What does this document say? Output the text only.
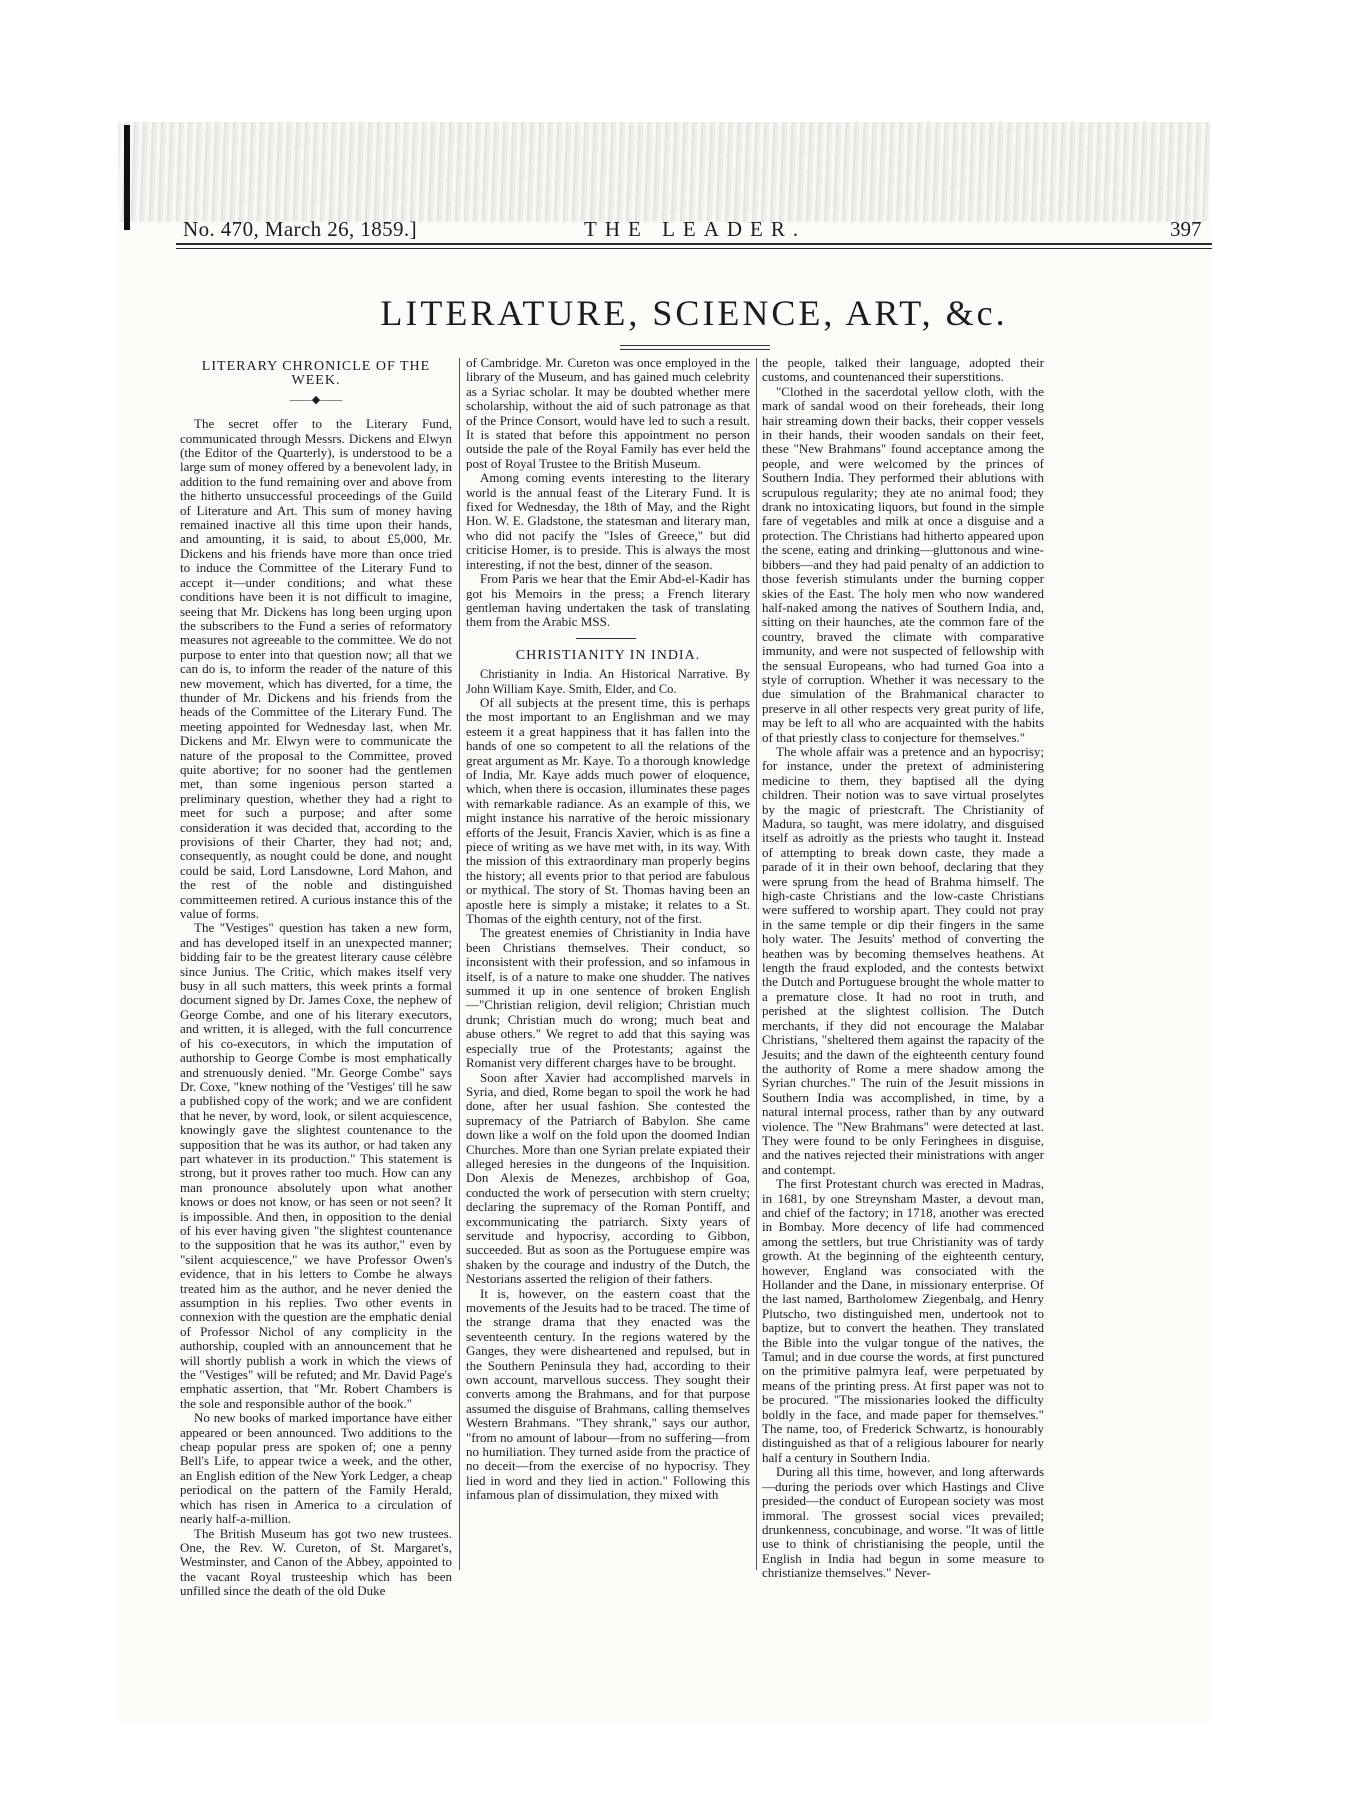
No. 470, March 26, 1859.]	THE LEADER.	397
LITERATURE, SCIENCE, ART, &c.
LITERARY CHRONICLE OF THE WEEK.
——◆——

The secret offer to the Literary Fund, communicated through Messrs. Dickens and Elwyn (the Editor of the Quarterly), is understood to be a large sum of money offered by a benevolent lady, in addition to the fund remaining over and above from the hitherto unsuccessful proceedings of the Guild of Literature and Art. This sum of money having remained inactive all this time upon their hands, and amounting, it is said, to about £5,000, Mr. Dickens and his friends have more than once tried to induce the Committee of the Literary Fund to accept it—under conditions; and what these conditions have been it is not difficult to imagine, seeing that Mr. Dickens has long been urging upon the subscribers to the Fund a series of reformatory measures not agreeable to the committee. We do not purpose to enter into that question now; all that we can do is, to inform the reader of the nature of this new movement, which has diverted, for a time, the thunder of Mr. Dickens and his friends from the heads of the Committee of the Literary Fund. The meeting appointed for Wednesday last, when Mr. Dickens and Mr. Elwyn were to communicate the nature of the proposal to the Committee, proved quite abortive; for no sooner had the gentlemen met, than some ingenious person started a preliminary question, whether they had a right to meet for such a purpose; and after some consideration it was decided that, according to the provisions of their Charter, they had not; and, consequently, as nought could be done, and nought could be said, Lord Lansdowne, Lord Mahon, and the rest of the noble and distinguished committeemen retired. A curious instance this of the value of forms.

The "Vestiges" question has taken a new form, and has developed itself in an unexpected manner; bidding fair to be the greatest literary cause célèbre since Junius. The Critic, which makes itself very busy in all such matters, this week prints a formal document signed by Dr. James Coxe, the nephew of George Combe, and one of his literary executors, and written, it is alleged, with the full concurrence of his co-executors, in which the imputation of authorship to George Combe is most emphatically and strenuously denied. "Mr. George Combe" says Dr. Coxe, "knew nothing of the 'Vestiges' till he saw a published copy of the work; and we are confident that he never, by word, look, or silent acquiescence, knowingly gave the slightest countenance to the supposition that he was its author, or had taken any part whatever in its production." This statement is strong, but it proves rather too much. How can any man pronounce absolutely upon what another knows or does not know, or has seen or not seen? It is impossible. And then, in opposition to the denial of his ever having given "the slightest countenance to the supposition that he was its author," even by "silent acquiescence," we have Professor Owen's evidence, that in his letters to Combe he always treated him as the author, and he never denied the assumption in his replies. Two other events in connexion with the question are the emphatic denial of Professor Nichol of any complicity in the authorship, coupled with an announcement that he will shortly publish a work in which the views of the "Vestiges" will be refuted; and Mr. David Page's emphatic assertion, that "Mr. Robert Chambers is the sole and responsible author of the book."

No new books of marked importance have either appeared or been announced. Two additions to the cheap popular press are spoken of; one a penny Bell's Life, to appear twice a week, and the other, an English edition of the New York Ledger, a cheap periodical on the pattern of the Family Herald, which has risen in America to a circulation of nearly half-a-million.

The British Museum has got two new trustees. One, the Rev. W. Cureton, of St. Margaret's, Westminster, and Canon of the Abbey, appointed to the vacant Royal trusteeship which has been unfilled since the death of the old Duke

of Cambridge. Mr. Cureton was once employed in the library of the Museum, and has gained much celebrity as a Syriac scholar. It may be doubted whether mere scholarship, without the aid of such patronage as that of the Prince Consort, would have led to such a result. It is stated that before this appointment no person outside the pale of the Royal Family has ever held the post of Royal Trustee to the British Museum.

Among coming events interesting to the literary world is the annual feast of the Literary Fund. It is fixed for Wednesday, the 18th of May, and the Right Hon. W. E. Gladstone, the statesman and literary man, who did not pacify the "Isles of Greece," but did criticise Homer, is to preside. This is always the most interesting, if not the best, dinner of the season.

From Paris we hear that the Emir Abd-el-Kadir has got his Memoirs in the press; a French literary gentleman having undertaken the task of translating them from the Arabic MSS.

CHRISTIANITY IN INDIA.

Christianity in India. An Historical Narrative. By John William Kaye. Smith, Elder, and Co.

Of all subjects at the present time, this is perhaps the most important to an Englishman and we may esteem it a great happiness that it has fallen into the hands of one so competent to all the relations of the great argument as Mr. Kaye. To a thorough knowledge of India, Mr. Kaye adds much power of eloquence, which, when there is occasion, illuminates these pages with remarkable radiance. As an example of this, we might instance his narrative of the heroic missionary efforts of the Jesuit, Francis Xavier, which is as fine a piece of writing as we have met with, in its way. With the mission of this extraordinary man properly begins the history; all events prior to that period are fabulous or mythical. The story of St. Thomas having been an apostle here is simply a mistake; it relates to a St. Thomas of the eighth century, not of the first.

The greatest enemies of Christianity in India have been Christians themselves. Their conduct, so inconsistent with their profession, and so infamous in itself, is of a nature to make one shudder. The natives summed it up in one sentence of broken English—"Christian religion, devil religion; Christian much drunk; Christian much do wrong; much beat and abuse others." We regret to add that this saying was especially true of the Protestants; against the Romanist very different charges have to be brought.

Soon after Xavier had accomplished marvels in Syria, and died, Rome began to spoil the work he had done, after her usual fashion. She contested the supremacy of the Patriarch of Babylon. She came down like a wolf on the fold upon the doomed Indian Churches. More than one Syrian prelate expiated their alleged heresies in the dungeons of the Inquisition. Don Alexis de Menezes, archbishop of Goa, conducted the work of persecution with stern cruelty; declaring the supremacy of the Roman Pontiff, and excommunicating the patriarch. Sixty years of servitude and hypocrisy, according to Gibbon, succeeded. But as soon as the Portuguese empire was shaken by the courage and industry of the Dutch, the Nestorians asserted the religion of their fathers.

It is, however, on the eastern coast that the movements of the Jesuits had to be traced. The time of the strange drama that they enacted was the seventeenth century. In the regions watered by the Ganges, they were disheartened and repulsed, but in the Southern Peninsula they had, according to their own account, marvellous success. They sought their converts among the Brahmans, and for that purpose assumed the disguise of Brahmans, calling themselves Western Brahmans. "They shrank," says our author, "from no amount of labour—from no suffering—from no humiliation. They turned aside from the practice of no deceit—from the exercise of no hypocrisy. They lied in word and they lied in action." Following this infamous plan of dissimulation, they mixed with

the people, talked their language, adopted their customs, and countenanced their superstitions.

"Clothed in the sacerdotal yellow cloth, with the mark of sandal wood on their foreheads, their long hair streaming down their backs, their copper vessels in their hands, their wooden sandals on their feet, these "New Brahmans" found acceptance among the people, and were welcomed by the princes of Southern India. They performed their ablutions with scrupulous regularity; they ate no animal food; they drank no intoxicating liquors, but found in the simple fare of vegetables and milk at once a disguise and a protection. The Christians had hitherto appeared upon the scene, eating and drinking—gluttonous and wine-bibbers—and they had paid penalty of an addiction to those feverish stimulants under the burning copper skies of the East. The holy men who now wandered half-naked among the natives of Southern India, and, sitting on their haunches, ate the common fare of the country, braved the climate with comparative immunity, and were not suspected of fellowship with the sensual Europeans, who had turned Goa into a style of corruption. Whether it was necessary to the due simulation of the Brahmanical character to preserve in all other respects very great purity of life, may be left to all who are acquainted with the habits of that priestly class to conjecture for themselves."

The whole affair was a pretence and an hypocrisy; for instance, under the pretext of administering medicine to them, they baptised all the dying children. Their notion was to save virtual proselytes by the magic of priestcraft. The Christianity of Madura, so taught, was mere idolatry, and disguised itself as adroitly as the priests who taught it. Instead of attempting to break down caste, they made a parade of it in their own behoof, declaring that they were sprung from the head of Brahma himself. The high-caste Christians and the low-caste Christians were suffered to worship apart. They could not pray in the same temple or dip their fingers in the same holy water. The Jesuits' method of converting the heathen was by becoming themselves heathens. At length the fraud exploded, and the contests betwixt the Dutch and Portuguese brought the whole matter to a premature close. It had no root in truth, and perished at the slightest collision. The Dutch merchants, if they did not encourage the Malabar Christians, "sheltered them against the rapacity of the Jesuits; and the dawn of the eighteenth century found the authority of Rome a mere shadow among the Syrian churches." The ruin of the Jesuit missions in Southern India was accomplished, in time, by a natural internal process, rather than by any outward violence. The "New Brahmans" were detected at last. They were found to be only Feringhees in disguise, and the natives rejected their ministrations with anger and contempt.

The first Protestant church was erected in Madras, in 1681, by one Streynsham Master, a devout man, and chief of the factory; in 1718, another was erected in Bombay. More decency of life had commenced among the settlers, but true Christianity was of tardy growth. At the beginning of the eighteenth century, however, England was consociated with the Hollander and the Dane, in missionary enterprise. Of the last named, Bartholomew Ziegenbalg, and Henry Plutscho, two distinguished men, undertook not to baptize, but to convert the heathen. They translated the Bible into the vulgar tongue of the natives, the Tamul; and in due course the words, at first punctured on the primitive palmyra leaf, were perpetuated by means of the printing press. At first paper was not to be procured. "The missionaries looked the difficulty boldly in the face, and made paper for themselves." The name, too, of Frederick Schwartz, is honourably distinguished as that of a religious labourer for nearly half a century in Southern India.

During all this time, however, and long afterwards—during the periods over which Hastings and Clive presided—the conduct of European society was most immoral. The grossest social vices prevailed; drunkenness, concubinage, and worse. "It was of little use to think of christianising the people, until the English in India had begun in some measure to christianize themselves." Never-
